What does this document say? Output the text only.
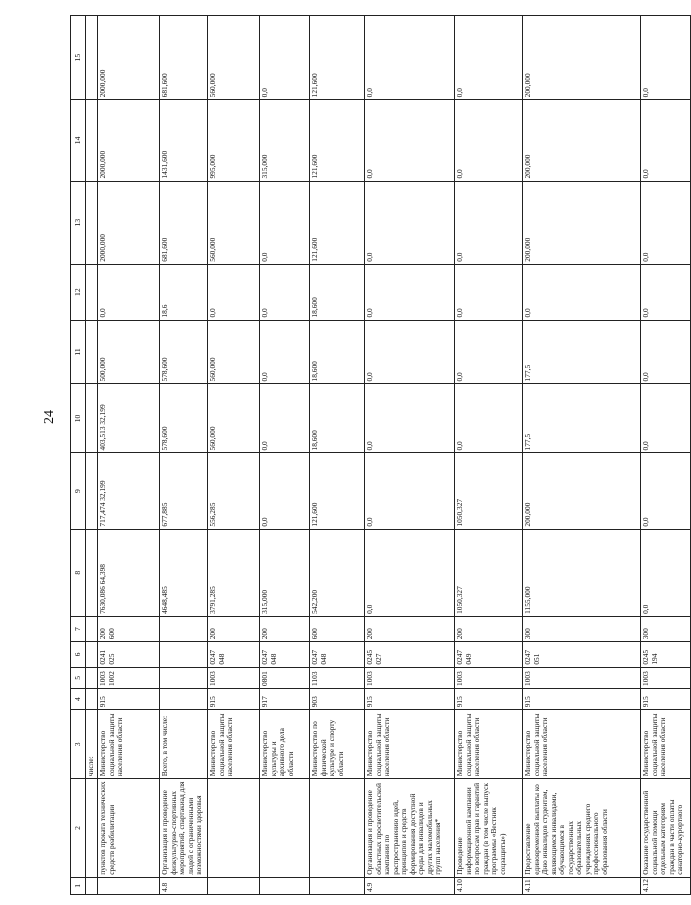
24
1	2	3	4	5	6	7	8	9	10	11	12	13	14	15
		числе:												
	пунктов проката технических средств реабилитации	Министерство социальной защиты населения области	915	1003 1002	0241 025	200 600	7630,086 64,398	717,474 32,199	403,513 32,199	500,000	0,0	2000,000	2000,000	2000,000
4.8	Организация и проведение физкультурно-спортивных мероприятий, спартакиад для людей с ограниченными возможностями здоровья	Всего, в том числе:					4648,485	677,885	578,600	578,600	18,6	681,600	1431,600	681,600
		Министерство социальной защиты населения области	915	1003	0247 048	200	3791,285	556,285	560,000	560,000	0,0	560,000	995,000	560,000
		Министерство культуры и архивного дела области	917	0801	0247 048	200	315,000	0,0	0,0	0,0	0,0	0,0	315,000	0,0
		Министерство по физической культуре и спорту области	903	1103	0247 048	600	542,200	121,600	18,600	18,600	18,600	121,600	121,600	121,600
4.9	Организация и проведение областных просветительской кампании по распространению идей, принципов и средств формирования доступной среды для инвалидов и других маломобильных групп населения*	Министерство социальной защиты населения области	915	1003	0245 027	200	0,0	0,0	0,0	0,0	0,0	0,0	0,0	0,0
4.10	Проведение информационной кампании по вопросам прав и гарантий граждан (в том числе выпуск программы «Вестник соцзащиты»)	Министерство социальной защиты населения области	915	1003	0247 049	200	1050,327	1050,327	0,0	0,0	0,0	0,0	0,0	0,0
4.11	Предоставление единовременной выплаты ко Дню инвалидов студентам, являющимся инвалидами, обучающимся в государственных образовательных учреждениях среднего профессионального образования области	Министерство социальной защиты населения области	915	1003	0247 051	300	1155,000	200,000	177,5	177,5	0,0	200,000	200,000	200,000
4.12	Оказание государственной социальной помощи отдельным категориям граждан в части оплаты санаторно-курортного	Министерство социальной защиты населения области	915	1003	0245 194	300	0,0	0,0	0,0	0,0	0,0	0,0	0,0	0,0
